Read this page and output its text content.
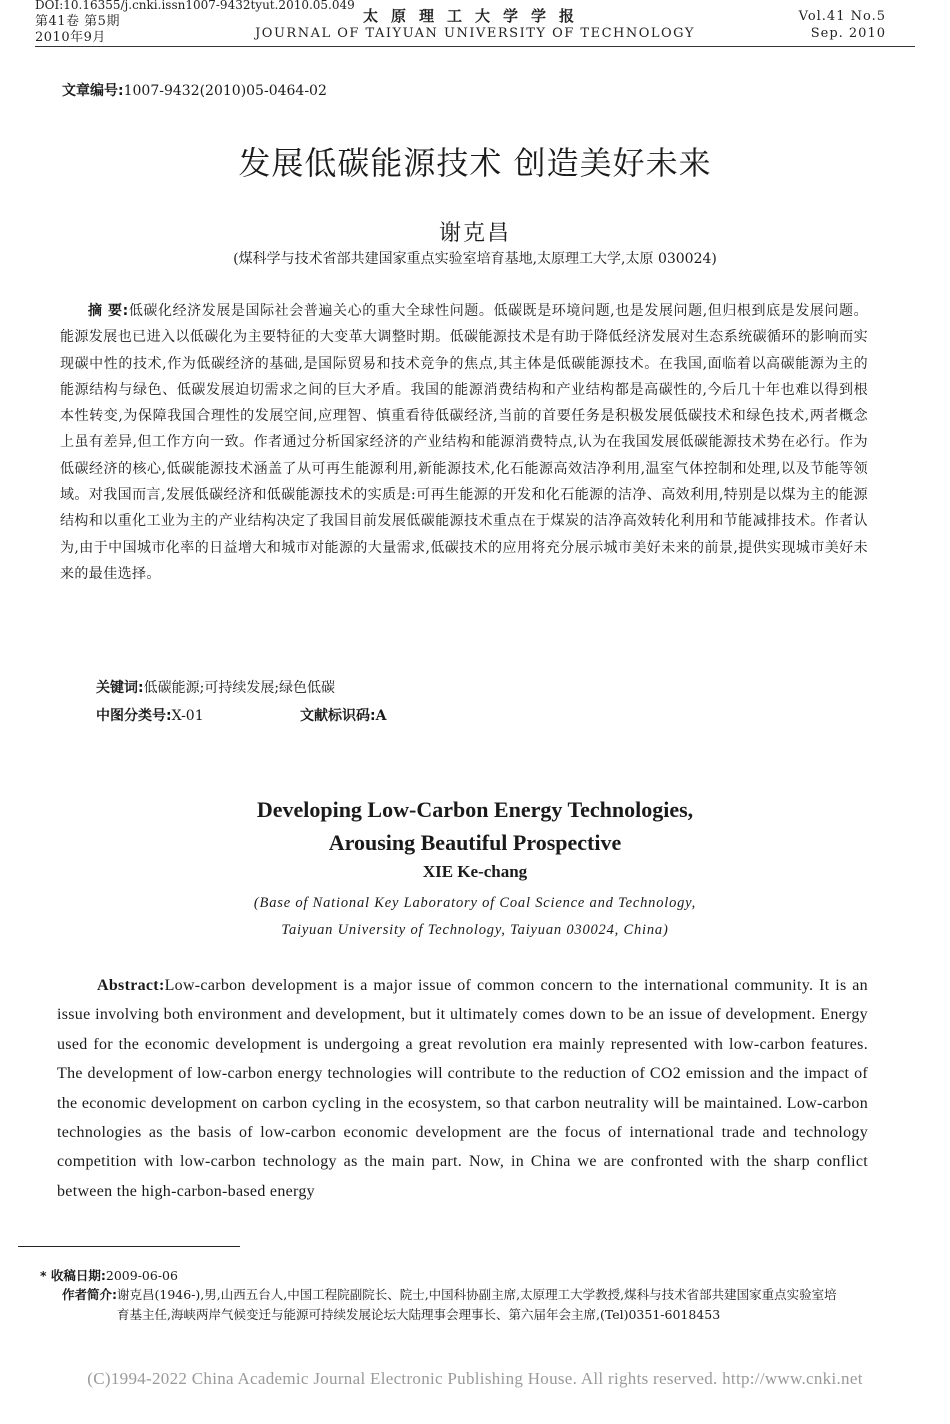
DOI:10.16355/j.cnki.issn1007-9432tyut.2010.05.049
第41卷 第5期
2010年9月
太原理工大学学报
JOURNAL OF TAIYUAN UNIVERSITY OF TECHNOLOGY
Vol.41 No.5
Sep. 2010
文章编号:1007-9432(2010)05-0464-02
发展低碳能源技术 创造美好未来
谢克昌
(煤科学与技术省部共建国家重点实验室培育基地,太原理工大学,太原 030024)

摘 要:低碳化经济发展是国际社会普遍关心的重大全球性问题。低碳既是环境问题,也是发展问题,但归根到底是发展问题。能源发展也已进入以低碳化为主要特征的大变革大调整时期。低碳能源技术是有助于降低经济发展对生态系统碳循环的影响而实现碳中性的技术,作为低碳经济的基础,是国际贸易和技术竞争的焦点,其主体是低碳能源技术。在我国,面临着以高碳能源为主的能源结构与绿色、低碳发展迫切需求之间的巨大矛盾。我国的能源消费结构和产业结构都是高碳性的,今后几十年也难以得到根本性转变,为保障我国合理性的发展空间,应理智、慎重看待低碳经济,当前的首要任务是积极发展低碳技术和绿色技术,两者概念上虽有差异,但工作方向一致。作者通过分析国家经济的产业结构和能源消费特点,认为在我国发展低碳能源技术势在必行。作为低碳经济的核心,低碳能源技术涵盖了从可再生能源利用,新能源技术,化石能源高效洁净利用,温室气体控制和处理,以及节能等领域。对我国而言,发展低碳经济和低碳能源技术的实质是:可再生能源的开发和化石能源的洁净、高效利用,特别是以煤为主的能源结构和以重化工业为主的产业结构决定了我国目前发展低碳能源技术重点在于煤炭的洁净高效转化利用和节能减排技术。作者认为,由于中国城市化率的日益增大和城市对能源的大量需求,低碳技术的应用将充分展示城市美好未来的前景,提供实现城市美好未来的最佳选择。

关键词:低碳能源;可持续发展;绿色低碳
中图分类号:X-01	文献标识码:A
Developing Low-Carbon Energy Technologies,
Arousing Beautiful Prospective
XIE Ke-chang
(Base of National Key Laboratory of Coal Science and Technology,
Taiyuan University of Technology, Taiyuan 030024, China)

Abstract:Low-carbon development is a major issue of common concern to the international community. It is an issue involving both environment and development, but it ultimately comes down to be an issue of development. Energy used for the economic development is undergoing a great revolution era mainly represented with low-carbon features. The development of low-carbon energy technologies will contribute to the reduction of CO2 emission and the impact of the economic development on carbon cycling in the ecosystem, so that carbon neutrality will be maintained. Low-carbon technologies as the basis of low-carbon economic development are the focus of international trade and technology competition with low-carbon technology as the main part. Now, in China we are confronted with the sharp conflict between the high-carbon-based energy

* 收稿日期:2009-06-06
作者简介:谢克昌(1946-),男,山西五台人,中国工程院副院长、院士,中国科协副主席,太原理工大学教授,煤科与技术省部共建国家重点实验室培育基主任,海峡两岸气候变迁与能源可持续发展论坛大陆理事会理事长、第六届年会主席,(Tel)0351-6018453
(C)1994-2022 China Academic Journal Electronic Publishing House. All rights reserved. http://www.cnki.net
